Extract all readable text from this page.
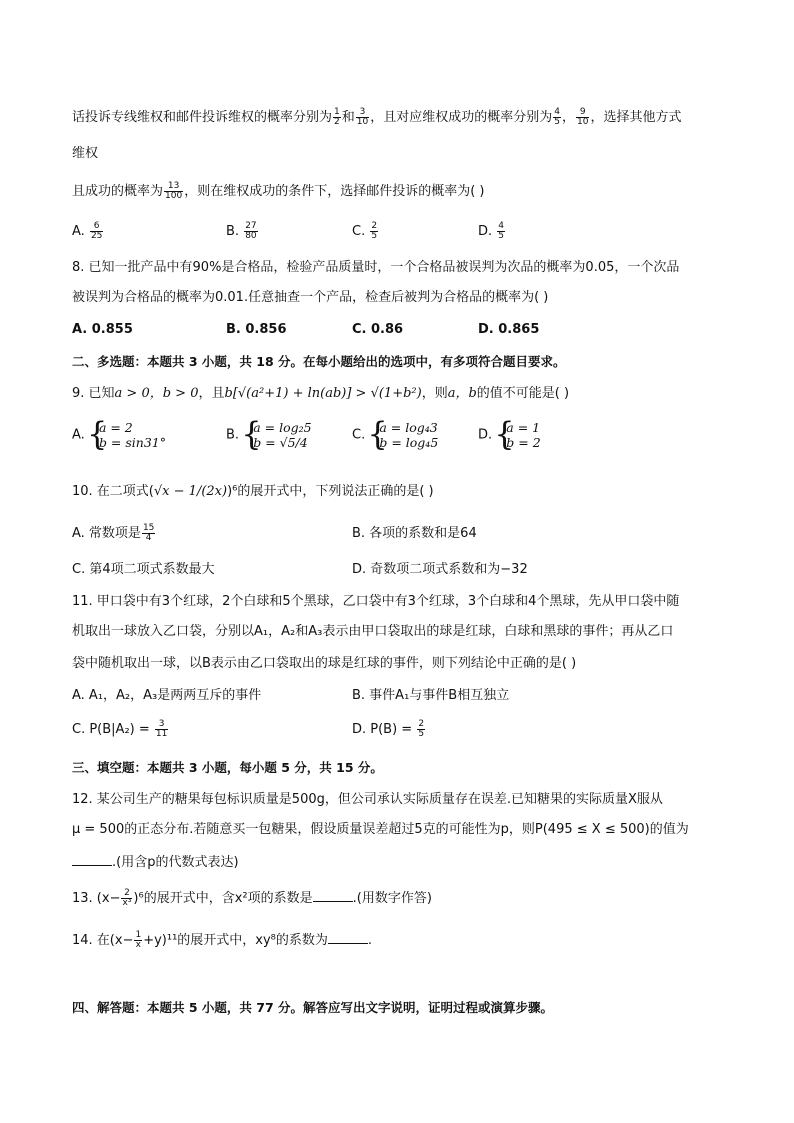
话投诉专线维权和邮件投诉维权的概率分别为 $\frac{1}{2}$ 和 $\frac{3}{10}$ ，且对应维权成功的概率分别为 $\frac{4}{5}$ ， $\frac{9}{10}$ ，选择其他方式
维权
且成功的概率为 $\frac{13}{100}$ ，则在维权成功的条件下，选择邮件投诉的概率为( )
A. $\frac{6}{25}$	B. $\frac{27}{80}$	C. $\frac{2}{5}$	D. $\frac{4}{5}$
8. 已知一批产品中有90%是合格品，检验产品质量时，一个合格品被误判为次品的概率为0.05，一个次品
被误判为合格品的概率为0.01.任意抽查一个产品，检查后被判为合格品的概率为( )
A. 0.855	B. 0.856	C. 0.86	D. 0.865
二、多选题：本题共 3 小题，共 18 分。在每小题给出的选项中，有多项符合题目要求。
9. 已知a > 0，b > 0，且b[√(a²+1) + ln(ab)] > √(1+b²)，则a，b的值不可能是( )
A. { a = 2
b = sin31°	B. { a = log₂5
b = √5/4	C. { a = log₄3
b = log₄5	D. { a = 1
b = 2
10. 在二项式(√x − 1/(2x))⁶的展开式中，下列说法正确的是( )
A. 常数项是 $\frac{15}{4}$	B. 各项的系数和是64
C. 第4项二项式系数最大	D. 奇数项二项式系数和为−32
11. 甲口袋中有3个红球，2个白球和5个黑球，乙口袋中有3个红球，3个白球和4个黑球，先从甲口袋中随
机取出一球放入乙口袋，分别以A₁，A₂和A₃表示由甲口袋取出的球是红球，白球和黑球的事件；再从乙口
袋中随机取出一球，以B表示由乙口袋取出的球是红球的事件，则下列结论中正确的是( )
A. A₁，A₂，A₃是两两互斥的事件	B. 事件A₁与事件B相互独立
C. $P(B|A_2) = \frac{3}{11}$	D. $P(B) = \frac{2}{5}$
三、填空题：本题共 3 小题，每小题 5 分，共 15 分。
12. 某公司生产的糖果每包标识质量是500g，但公司承认实际质量存在误差.已知糖果的实际质量X服从
μ = 500的正态分布.若随意买一包糖果，假设质量误差超过5克的可能性为p，则P(495 ≤ X ≤ 500)的值为
.(用含p的代数式表达)
13. $(x- \frac{2}{\text{x³}} )^6$的展开式中，含x²项的系数是	.(用数字作答)
14. 在$(x- \frac{1}{x} +y)^{11}$的展开式中，xy⁸的系数为	.
四、解答题：本题共 5 小题，共 77 分。解答应写出文字说明，证明过程或演算步骤。
